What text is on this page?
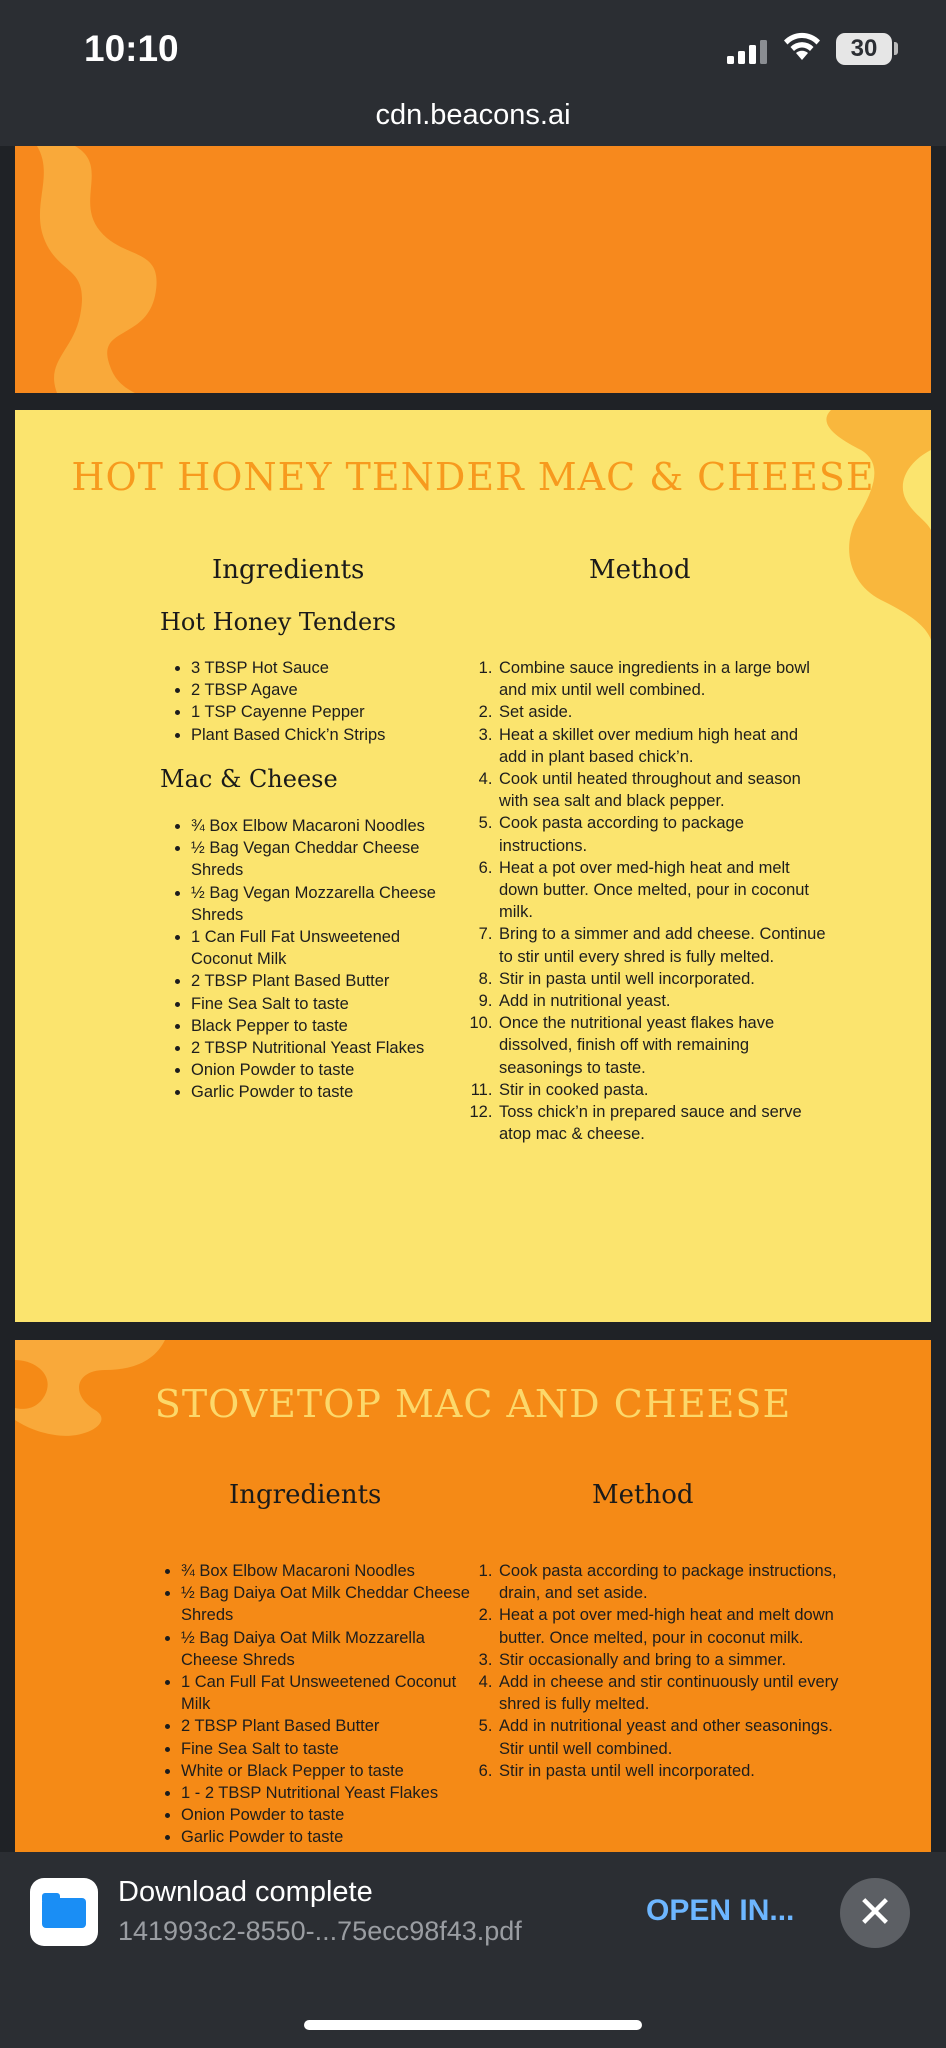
10:10	30
cdn.beacons.ai
HOT HONEY TENDER MAC & CHEESE
Ingredients	Method
Hot Honey Tenders
• 3 TBSP Hot Sauce
• 2 TBSP Agave
• 1 TSP Cayenne Pepper
• Plant Based Chick’n Strips
Mac & Cheese
• ¾ Box Elbow Macaroni Noodles
• ½ Bag Vegan Cheddar Cheese Shreds
• ½ Bag Vegan Mozzarella Cheese Shreds
• 1 Can Full Fat Unsweetened Coconut Milk
• 2 TBSP Plant Based Butter
• Fine Sea Salt to taste
• Black Pepper to taste
• 2 TBSP Nutritional Yeast Flakes
• Onion Powder to taste
• Garlic Powder to taste
1. Combine sauce ingredients in a large bowl and mix until well combined.
2. Set aside.
3. Heat a skillet over medium high heat and add in plant based chick’n.
4. Cook until heated throughout and season with sea salt and black pepper.
5. Cook pasta according to package instructions.
6. Heat a pot over med-high heat and melt down butter. Once melted, pour in coconut milk.
7. Bring to a simmer and add cheese. Continue to stir until every shred is fully melted.
8. Stir in pasta until well incorporated.
9. Add in nutritional yeast.
10. Once the nutritional yeast flakes have dissolved, finish off with remaining seasonings to taste.
11. Stir in cooked pasta.
12. Toss chick’n in prepared sauce and serve atop mac & cheese.
STOVETOP MAC AND CHEESE
Ingredients	Method
• ¾ Box Elbow Macaroni Noodles
• ½ Bag Daiya Oat Milk Cheddar Cheese Shreds
• ½ Bag Daiya Oat Milk Mozzarella Cheese Shreds
• 1 Can Full Fat Unsweetened Coconut Milk
• 2 TBSP Plant Based Butter
• Fine Sea Salt to taste
• White or Black Pepper to taste
• 1 - 2 TBSP Nutritional Yeast Flakes
• Onion Powder to taste
• Garlic Powder to taste
1. Cook pasta according to package instructions, drain, and set aside.
2. Heat a pot over med-high heat and melt down butter. Once melted, pour in coconut milk.
3. Stir occasionally and bring to a simmer.
4. Add in cheese and stir continuously until every shred is fully melted.
5. Add in nutritional yeast and other seasonings. Stir until well combined.
6. Stir in pasta until well incorporated.
Download complete
141993c2-8550-...75ecc98f43.pdf
OPEN IN...	✕
